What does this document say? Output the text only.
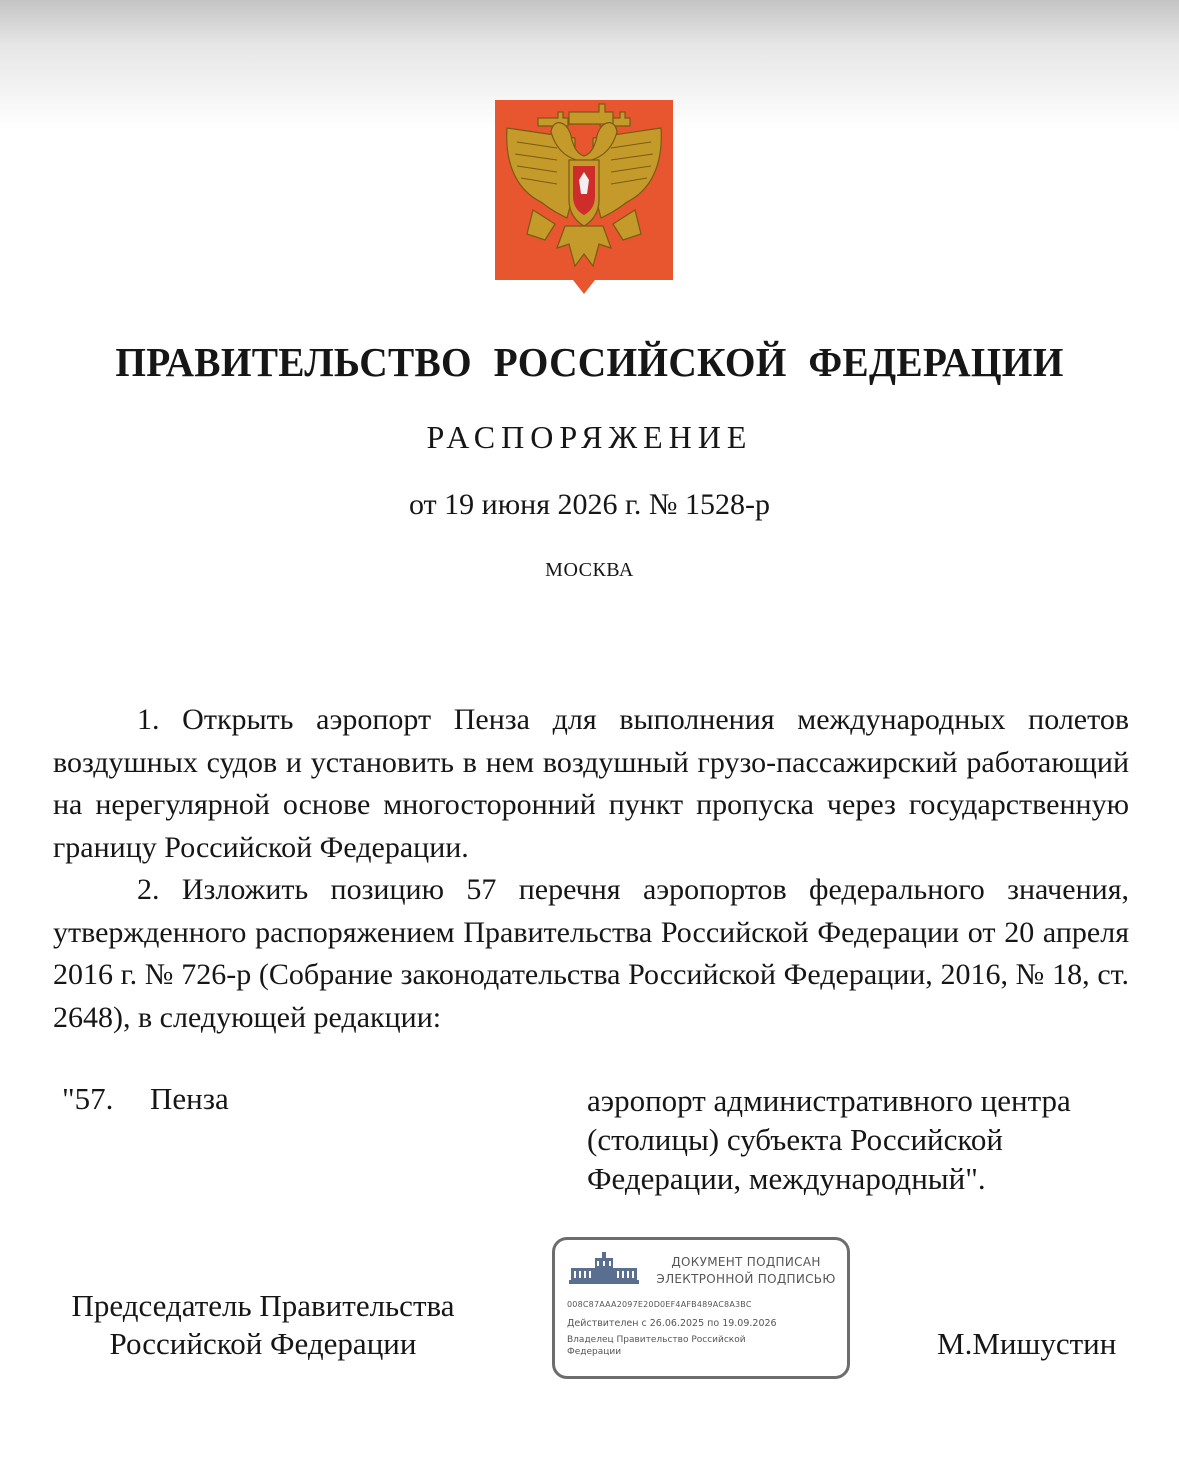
ПРАВИТЕЛЬСТВО РОССИЙСКОЙ ФЕДЕРАЦИИ
РАСПОРЯЖЕНИЕ
от 19 июня 2026 г. № 1528-р
МОСКВА

1. Открыть аэропорт Пенза для выполнения международных полетов воздушных судов и установить в нем воздушный грузо-пассажирский работающий на нерегулярной основе многосторонний пункт пропуска через государственную границу Российской Федерации.

2. Изложить позицию 57 перечня аэропортов федерального значения, утвержденного распоряжением Правительства Российской Федерации от 20 апреля 2016 г. № 726-р (Собрание законодательства Российской Федерации, 2016, № 18, ст. 2648), в следующей редакции:

"57. Пенза	аэропорт административного центра (столицы) субъекта Российской Федерации, международный".
Председатель Правительства
Российской Федерации
ДОКУМЕНТ ПОДПИСАН
ЭЛЕКТРОННОЙ ПОДПИСЬЮ
008C87AAA2097E20D0EF4AFB489AC8A3BC
Действителен с 26.06.2025 по 19.09.2026
Владелец Правительство Российской Федерации	М.Мишустин
